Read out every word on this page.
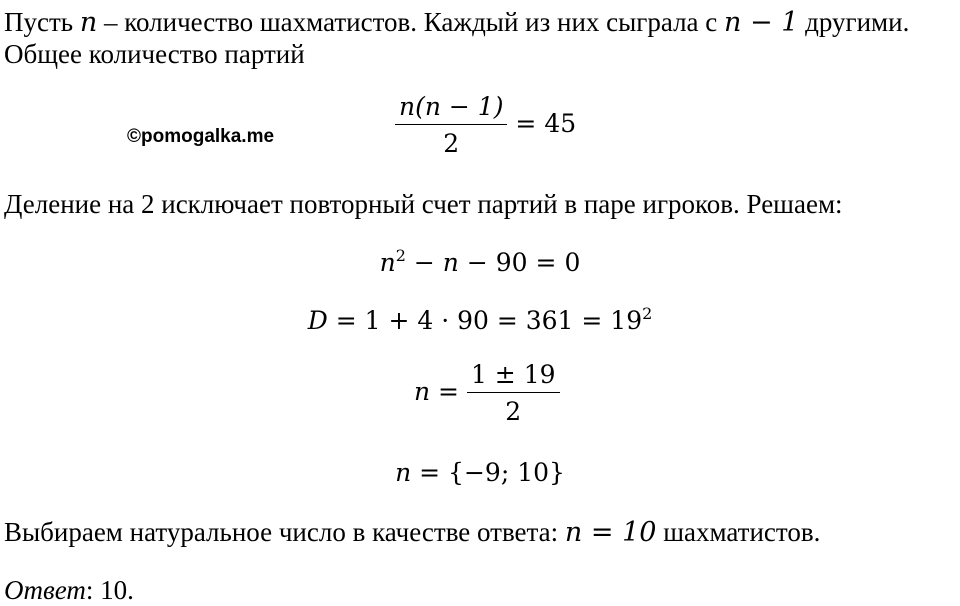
Пусть n – количество шахматистов. Каждый из них сыграла с n − 1 другими.
Общее количество партий
©pomogalka.me	$\frac{n(n - 1)}{2} = 45$
Деление на 2 исключает повторный счет партий в паре игроков. Решаем:
$n^2 - n - 90 = 0$
$D = 1 + 4 \cdot 90 = 361 = 19^2$
$n = \frac{1 \pm 19}{2}$
n = {−9; 10}
Выбираем натуральное число в качестве ответа: n = 10 шахматистов.
Ответ: 10.
